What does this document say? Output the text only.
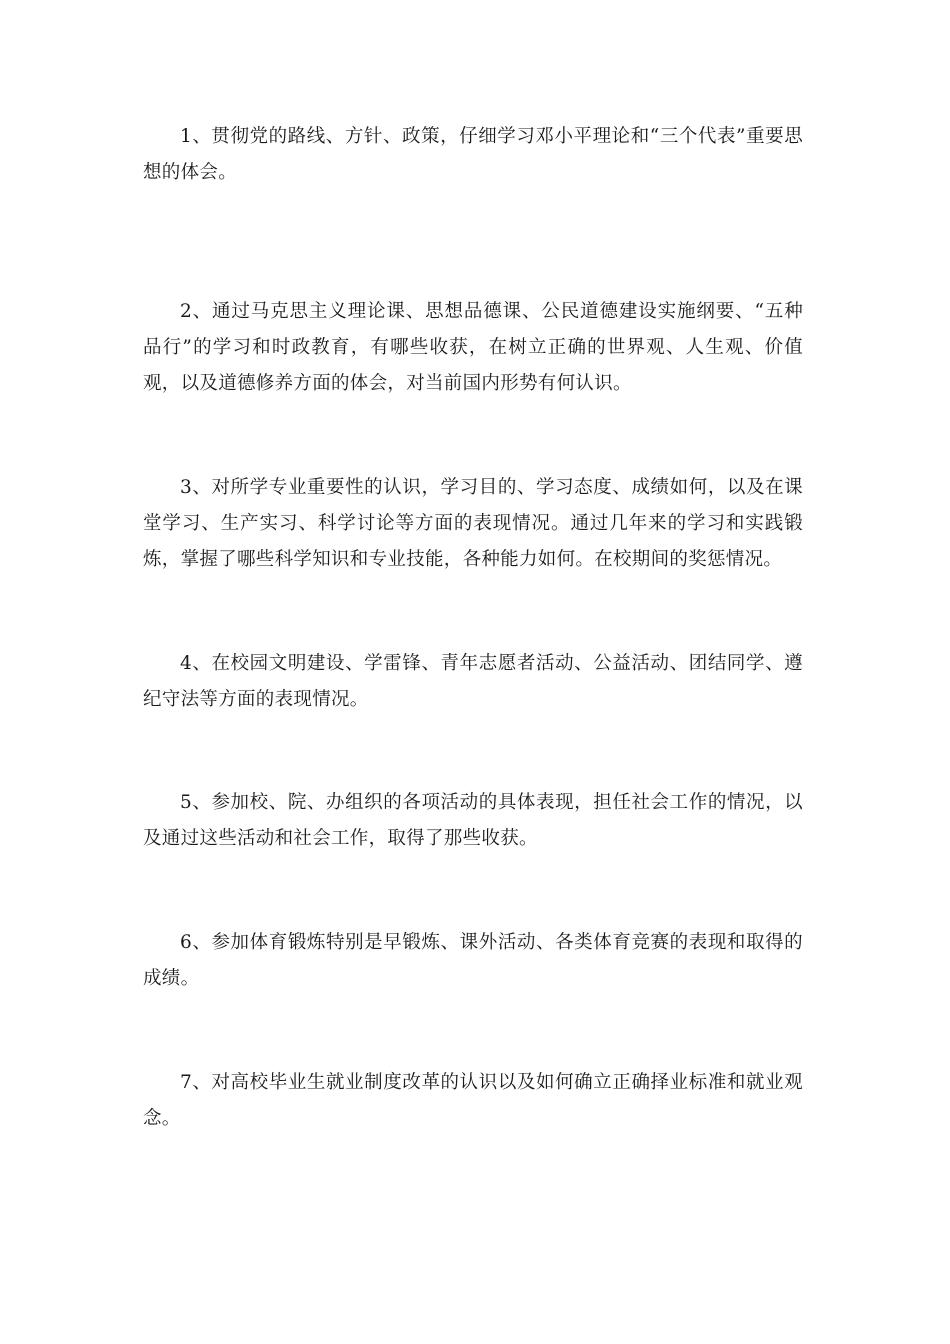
1、贯彻党的路线、方针、政策，仔细学习邓小平理论和“三个代表”重要思想的体会。

2、通过马克思主义理论课、思想品德课、公民道德建设实施纲要、“五种品行”的学习和时政教育，有哪些收获，在树立正确的世界观、人生观、价值观，以及道德修养方面的体会，对当前国内形势有何认识。

3、对所学专业重要性的认识，学习目的、学习态度、成绩如何，以及在课堂学习、生产实习、科学讨论等方面的表现情况。通过几年来的学习和实践锻炼，掌握了哪些科学知识和专业技能，各种能力如何。在校期间的奖惩情况。

4、在校园文明建设、学雷锋、青年志愿者活动、公益活动、团结同学、遵纪守法等方面的表现情况。

5、参加校、院、办组织的各项活动的具体表现，担任社会工作的情况，以及通过这些活动和社会工作，取得了那些收获。

6、参加体育锻炼特别是早锻炼、课外活动、各类体育竞赛的表现和取得的成绩。

7、对高校毕业生就业制度改革的认识以及如何确立正确择业标准和就业观念。
